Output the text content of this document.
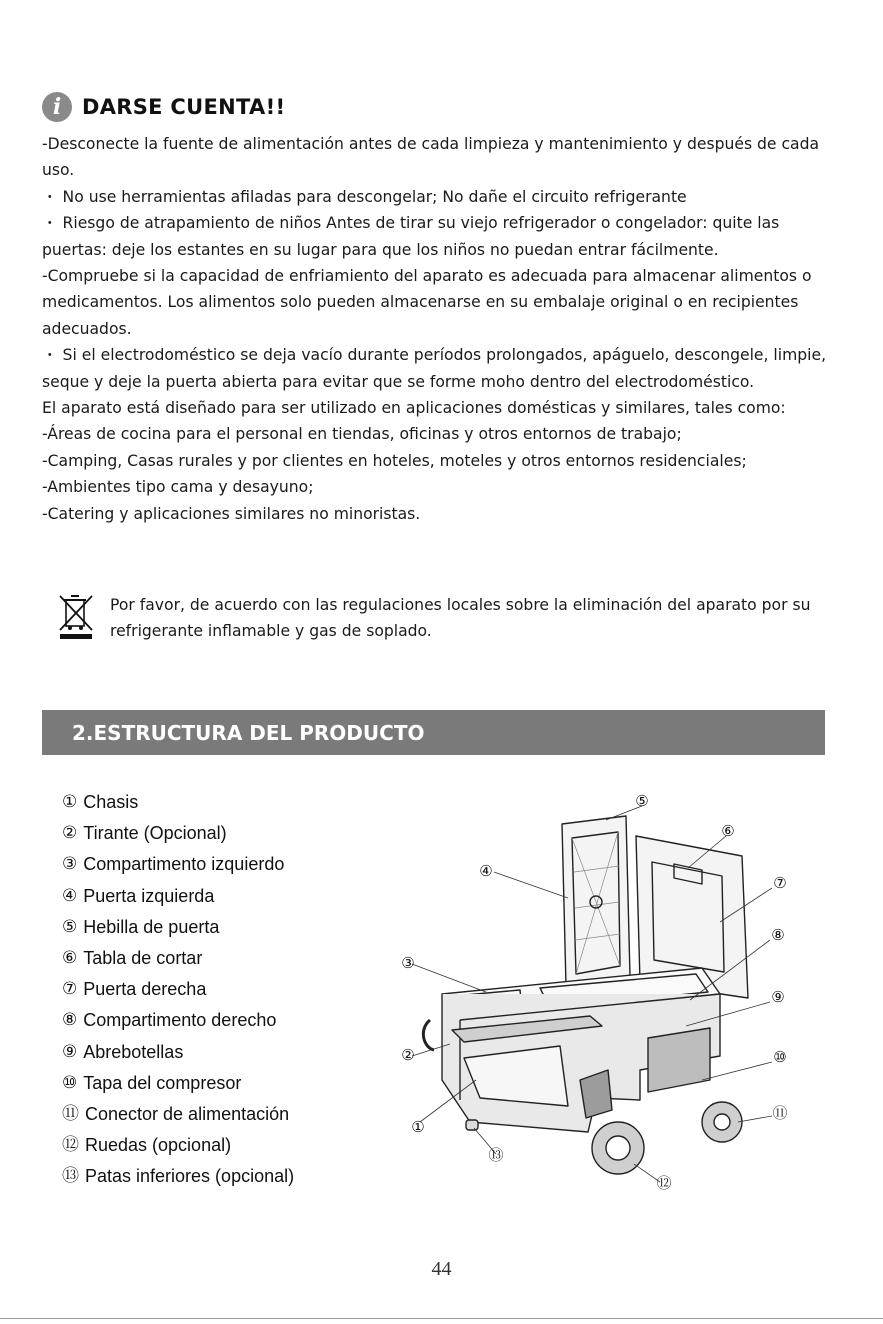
i DARSE CUENTA!!

-Desconecte la fuente de alimentación antes de cada limpieza y mantenimiento y después de cada uso.

・ No use herramientas afiladas para descongelar; No dañe el circuito refrigerante

・ Riesgo de atrapamiento de niños Antes de tirar su viejo refrigerador o congelador: quite las puertas: deje los estantes en su lugar para que los niños no puedan entrar fácilmente.

-Compruebe si la capacidad de enfriamiento del aparato es adecuada para almacenar alimentos o medicamentos. Los alimentos solo pueden almacenarse en su embalaje original o en recipientes adecuados.

・ Si el electrodoméstico se deja vacío durante períodos prolongados, apáguelo, descongele, limpie, seque y deje la puerta abierta para evitar que se forme moho dentro del electrodoméstico.

El aparato está diseñado para ser utilizado en aplicaciones domésticas y similares, tales como:

-Áreas de cocina para el personal en tiendas, oficinas y otros entornos de trabajo;

-Camping, Casas rurales y por clientes en hoteles, moteles y otros entornos residenciales;

-Ambientes tipo cama y desayuno;

-Catering y aplicaciones similares no minoristas.

Por favor, de acuerdo con las regulaciones locales sobre la eliminación del aparato por su refrigerante inflamable y gas de soplado.
2.ESTRUCTURA DEL PRODUCTO
① Chasis
② Tirante (Opcional)
③ Compartimento izquierdo
④ Puerta izquierda
⑤ Hebilla de puerta
⑥ Tabla de cortar
⑦ Puerta derecha
⑧ Compartimento derecho
⑨ Abrebotellas
⑩ Tapa del compresor
⑪ Conector de alimentación
⑫ Ruedas (opcional)
⑬ Patas inferiores (opcional)
⑤
⑥
④
⑦
⑧
③
⑨
②	⑩
①
⑪
⑬
⑫
44
